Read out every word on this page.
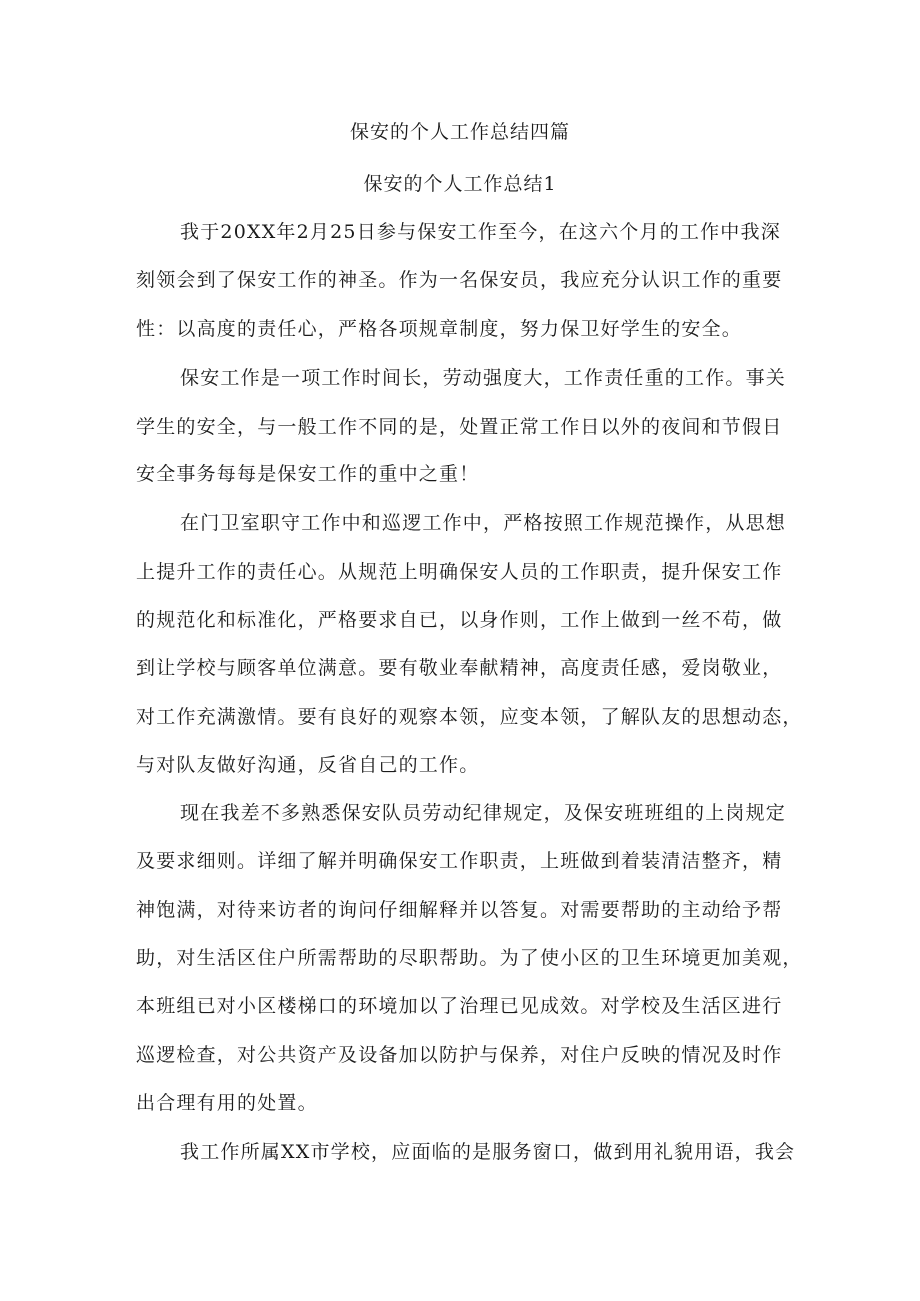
保安的个人工作总结四篇
保安的个人工作总结1
我于20XX年2月25日参与保安工作至今，在这六个月的工作中我深
刻领会到了保安工作的神圣。作为一名保安员，我应充分认识工作的重要
性：以高度的责任心，严格各项规章制度，努力保卫好学生的安全。
保安工作是一项工作时间长，劳动强度大，工作责任重的工作。事关
学生的安全，与一般工作不同的是，处置正常工作日以外的夜间和节假日
安全事务每每是保安工作的重中之重！
在门卫室职守工作中和巡逻工作中，严格按照工作规范操作，从思想
上提升工作的责任心。从规范上明确保安人员的工作职责，提升保安工作
的规范化和标准化，严格要求自已，以身作则，工作上做到一丝不苟，做
到让学校与顾客单位满意。要有敬业奉献精神，高度责任感，爱岗敬业，
对工作充满激情。要有良好的观察本领，应变本领，了解队友的思想动态，
与对队友做好沟通，反省自己的工作。
现在我差不多熟悉保安队员劳动纪律规定，及保安班班组的上岗规定
及要求细则。详细了解并明确保安工作职责，上班做到着装清洁整齐，精
神饱满，对待来访者的询问仔细解释并以答复。对需要帮助的主动给予帮
助，对生活区住户所需帮助的尽职帮助。为了使小区的卫生环境更加美观，
本班组已对小区楼梯口的环境加以了治理已见成效。对学校及生活区进行
巡逻检查，对公共资产及设备加以防护与保养，对住户反映的情况及时作
出合理有用的处置。
我工作所属XX市学校，应面临的是服务窗口，做到用礼貌用语，我会
